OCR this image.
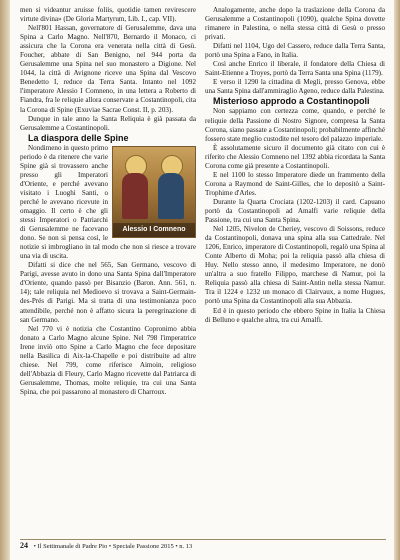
men si videantur aruisse foliis, quotidie tamen revirescere virtute divina» (De Gloria Martyrum, Lib. I., cap. VII).

Nell'801 Hassan, governatore di Gerusalemme, dava una Spina a Carlo Magno. Nell'870, Bernardo il Monaco, ci assicura che la Corona era venerata nella città di Gesù. Foucher, abbate di San Benigno, nel 944 porta da Gerusalemme una Spina nel suo monastero a Digione. Nel 1044, la città di Avignone riceve una Spina dal Vescovo Benedetto I, reduce da Terra Santa. Intanto nel 1092 l'imperatore Alessio I Comneno, in una lettera a Roberto di Fiandra, fra le reliquie allora conservate a Costantinopoli, cita la Corona di Spine (Exuviae Sacrae Const. II, p. 203).

Dunque in tale anno la Santa Reliquia è già passata da Gerusalemme a Costantinopoli.

La diaspora delle Spine

Alessio I Comneno

Nondimeno in questo primo periodo è da ritenere che varie Spine già si trovassero anche presso gli Imperatori d'Oriente, e perché avevano visitato i Luoghi Santi, o perché le avevano ricevute in omaggio. Il certo è che gli stessi Imperatori o Patriarchi di Gerusalemme ne facevano dono. Se non si pensa così, le notizie si imbrogliano in tal modo che non si riesce a trovare una via di uscita.

Difatti si dice che nel 565, San Germano, vescovo di Parigi, avesse avuto in dono una Santa Spina dall'Imperatore d'Oriente, quando passò per Bisanzio (Baron. Ann. 561, n. 14); tale reliquia nel Medioevo si trovava a Saint-Germain-des-Prés di Parigi. Ma si tratta di una testimonianza poco attendibile, perché non è affatto sicura la peregrinazione di san Germano.

Nel 770 vi è notizia che Costantino Copronimo abbia donato a Carlo Magno alcune Spine. Nel 798 l'imperatrice Irene inviò otto Spine a Carlo Magno che fece depositare nella Basilica di Aix-la-Chapelle e poi distribuite ad altre chiese. Nel 799, come riferisce Aimoin, religioso dell'Abbazia di Fleury, Carlo Magno ricevette dal Patriarca di Gerusalemme, Thomas, molte reliquie, tra cui una Santa Spina, che poi passarono al monastero di Charroux.

Analogamente, anche dopo la traslazione della Corona da Gerusalemme a Costantinopoli (1090), qualche Spina dovette rimanere in Palestina, o nella stessa città di Gesù o presso privati.

Difatti nel 1104, Ugo del Cassero, reduce dalla Terra Santa, portò una Spina a Fano, in Italia.

Così anche Enrico il liberale, il fondatore della Chiesa di Saint-Etienne a Troyes, portò da Terra Santa una Spina (1179).

E verso il 1290 la cittadina di Megli, presso Genova, ebbe una Santa Spina dall'ammiraglio Ageno, reduce dalla Palestina.

Misterioso approdo a Costantinopoli

Non sappiamo con certezza come, quando, e perché le reliquie della Passione di Nostro Signore, compresa la Santa Corona, siano passate a Costantinopoli; probabilmente affinché fossero state meglio custodite nel tesoro del palazzo imperiale.

È assolutamente sicuro il documento già citato con cui è riferito che Alessio Comneno nel 1392 abbia ricordata la Santa Corona come già presente a Costantinopoli.

E nel 1100 lo stesso Imperatore diede un frammento della Corona a Raymond de Saint-Gilles, che lo depositò a Saint-Trophime d'Arles.

Durante la Quarta Crociata (1202-1203) il card. Capuano portò da Costantinopoli ad Amalfi varie reliquie della Passione, tra cui una Santa Spina.

Nel 1205, Nivelon de Cheriey, vescovo di Soissons, reduce da Costantinopoli, donava una spina alla sua Cattedrale. Nel 1206, Enrico, imperatore di Costantinopoli, regalò una Spina al Conte Alberto di Moha; poi la reliquia passò alla chiesa di Huy. Nello stesso anno, il medesimo Imperatore, ne donò un'altra a suo fratello Filippo, marchese di Namur, poi la Reliquia passò alla chiesa di Saint-Antin nella stessa Namur. Tra il 1224 e 1232 un monaco di Clairvaux, a nome Hugues, portò una Spina da Costantinopoli alla sua Abbazia.

Ed è in questo periodo che ebbero Spine in Italia la Chiesa di Belluno e qualche altra, tra cui Amalfi.

24 • Il Settimanale di Padre Pio • Speciale Passione 2015 • n. 13
